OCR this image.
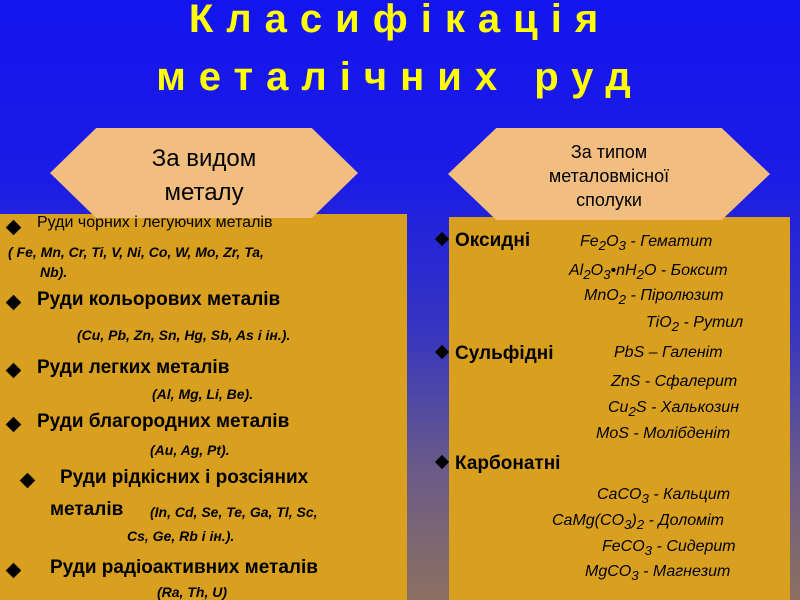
Класифікація
металічних руд
За видом
металу
За типом
металовмісної
сполуки
Руди чорних і легуючих металів
( Fe, Mn, Cr, Ti, V, Ni, Co, W, Mo, Zr, Ta,
Nb).
Руди кольорових металів
(Cu, Pb, Zn, Sn, Hg, Sb, As і ін.).
Руди легких металів
(Al, Mg, Li, Be).
Руди благородних металів
(Au, Ag, Pt).
Руди рідкісних і розсіяних
металів (In, Cd, Se, Te, Ga, Tl, Sc,
Cs, Ge, Rb і ін.).
Руди радіоактивних металів
(Ra, Th, U)
Оксидні	$Fe_2O_3$ - Гематит
$Al_2O_3•nH_2O$ - Боксит
MnO$_2$ - Піролюзит
TiO$_2$ - Рутил
Сульфідні	PbS – Галеніт
ZnS - Сфалерит
$Cu_2S$ - Халькозин
MoS - Молібденіт
Карбонатні
CaCO$_3$ - Кальцит
$CaMg(CO_3)_2$ - Доломіт
FeCO$_3$ - Сидерит
MgCO$_3$ - Магнезит
